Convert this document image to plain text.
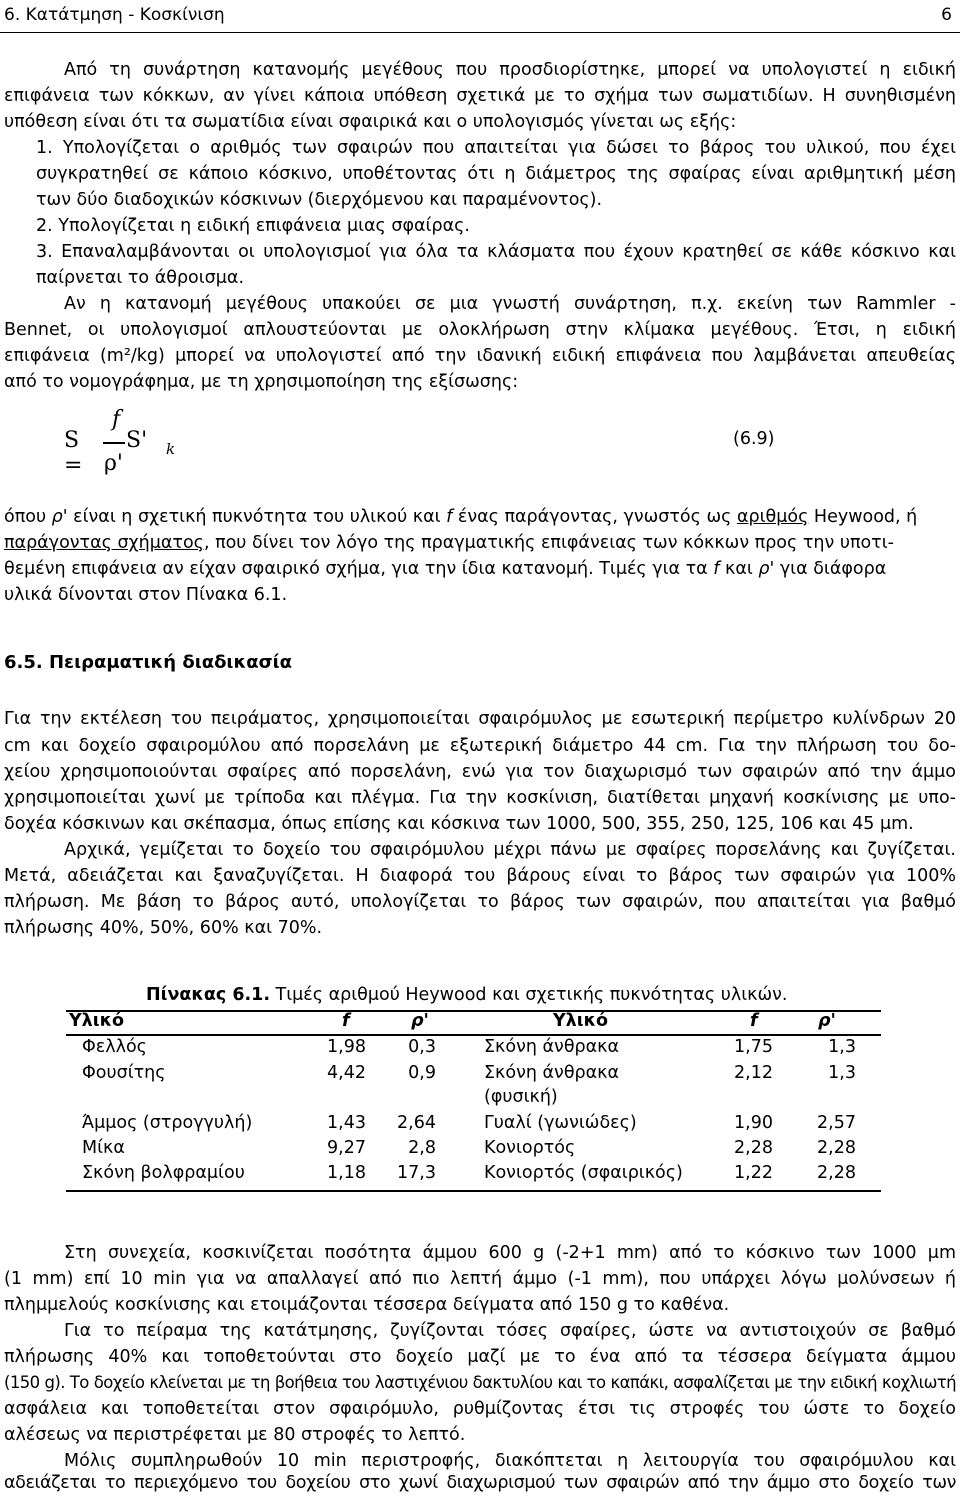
6. Κατάτμηση - Κοσκίνιση	6
Από τη συνάρτηση κατανομής μεγέθους που προσδιορίστηκε, μπορεί να υπολογιστεί η ειδική
επιφάνεια των κόκκων, αν γίνει κάποια υπόθεση σχετικά με το σχήμα των σωματιδίων. Η συνηθισμένη
υπόθεση είναι ότι τα σωματίδια είναι σφαιρικά και ο υπολογισμός γίνεται ως εξής:
1. Υπολογίζεται ο αριθμός των σφαιρών που απαιτείται για δώσει το βάρος του υλικού, που έχει
συγκρατηθεί σε κάποιο κόσκινο, υποθέτοντας ότι η διάμετρος της σφαίρας είναι αριθμητική μέση
των δύο διαδοχικών κόσκινων (διερχόμενου και παραμένοντος).
2. Υπολογίζεται η ειδική επιφάνεια μιας σφαίρας.
3. Επαναλαμβάνονται οι υπολογισμοί για όλα τα κλάσματα που έχουν κρατηθεί σε κάθε κόσκινο και
παίρνεται το άθροισμα.
Αν η κατανομή μεγέθους υπακούει σε μια γνωστή συνάρτηση, π.χ. εκείνη των Rammler -
Bennet, οι υπολογισμοί απλουστεύονται με ολοκλήρωση στην κλίμακα μεγέθους. Έτσι, η ειδική
επιφάνεια (m²/kg) μπορεί να υπολογιστεί από την ιδανική ειδική επιφάνεια που λαμβάνεται απευθείας
από το νομογράφημα, με τη χρησιμοποίηση της εξίσωσης:
S =
f
ρ'
S' k	(6.9)
όπου ρ' είναι η σχετική πυκνότητα του υλικού και f ένας παράγοντας, γνωστός ως αριθμός Heywood, ή
παράγοντας σχήματος, που δίνει τον λόγο της πραγματικής επιφάνειας των κόκκων προς την υποτι-
θεμένη επιφάνεια αν είχαν σφαιρικό σχήμα, για την ίδια κατανομή. Τιμές για τα f και ρ' για διάφορα
υλικά δίνονται στον Πίνακα 6.1.
6.5. Πειραματική διαδικασία
Για την εκτέλεση του πειράματος, χρησιμοποιείται σφαιρόμυλος με εσωτερική περίμετρο κυλίνδρων 20
cm και δοχείο σφαιρομύλου από πορσελάνη με εξωτερική διάμετρο 44 cm. Για την πλήρωση του δο-
χείου χρησιμοποιούνται σφαίρες από πορσελάνη, ενώ για τον διαχωρισμό των σφαιρών από την άμμο
χρησιμοποιείται χωνί με τρίποδα και πλέγμα. Για την κοσκίνιση, διατίθεται μηχανή κοσκίνισης με υπο-
δοχέα κόσκινων και σκέπασμα, όπως επίσης και κόσκινα των 1000, 500, 355, 250, 125, 106 και 45 μm.
Αρχικά, γεμίζεται το δοχείο του σφαιρόμυλου μέχρι πάνω με σφαίρες πορσελάνης και ζυγίζεται.
Μετά, αδειάζεται και ξαναζυγίζεται. Η διαφορά του βάρους είναι το βάρος των σφαιρών για 100%
πλήρωση. Με βάση το βάρος αυτό, υπολογίζεται το βάρος των σφαιρών, που απαιτείται για βαθμό
πλήρωσης 40%, 50%, 60% και 70%.
Πίνακας 6.1. Τιμές αριθμού Heywood και σχετικής πυκνότητας υλικών.
Υλικό	f	ρ'	Υλικό	f	ρ'
Φελλός	1,98	0,3	Σκόνη άνθρακα	1,75	1,3
Φουσίτης	4,42	0,9	Σκόνη άνθρακα	2,12	1,3
(φυσική)
Άμμος (στρογγυλή)	1,43	2,64	Γυαλί (γωνιώδες)	1,90	2,57
Μίκα	9,27	2,8	Κονιορτός	2,28	2,28
Σκόνη βολφραμίου	1,18	17,3	Κονιορτός (σφαιρικός)	1,22	2,28
Στη συνεχεία, κοσκινίζεται ποσότητα άμμου 600 g (-2+1 mm) από το κόσκινο των 1000 μm
(1 mm) επί 10 min για να απαλλαγεί από πιο λεπτή άμμο (-1 mm), που υπάρχει λόγω μολύνσεων ή
πλημμελούς κοσκίνισης και ετοιμάζονται τέσσερα δείγματα από 150 g το καθένα.
Για το πείραμα της κατάτμησης, ζυγίζονται τόσες σφαίρες, ώστε να αντιστοιχούν σε βαθμό
πλήρωσης 40% και τοποθετούνται στο δοχείο μαζί με το ένα από τα τέσσερα δείγματα άμμου
(150 g). Το δοχείο κλείνεται με τη βοήθεια του λαστιχένιου δακτυλίου και το καπάκι, ασφαλίζεται με την ειδική κοχλιωτή
ασφάλεια και τοποθετείται στον σφαιρόμυλο, ρυθμίζοντας έτσι τις στροφές του ώστε το δοχείο
αλέσεως να περιστρέφεται με 80 στροφές το λεπτό.
Μόλις συμπληρωθούν 10 min περιστροφής, διακόπτεται η λειτουργία του σφαιρόμυλου και
αδειάζεται το περιεχόμενο του δοχείου στο χωνί διαχωρισμού των σφαιρών από την άμμο στο δοχείο των
